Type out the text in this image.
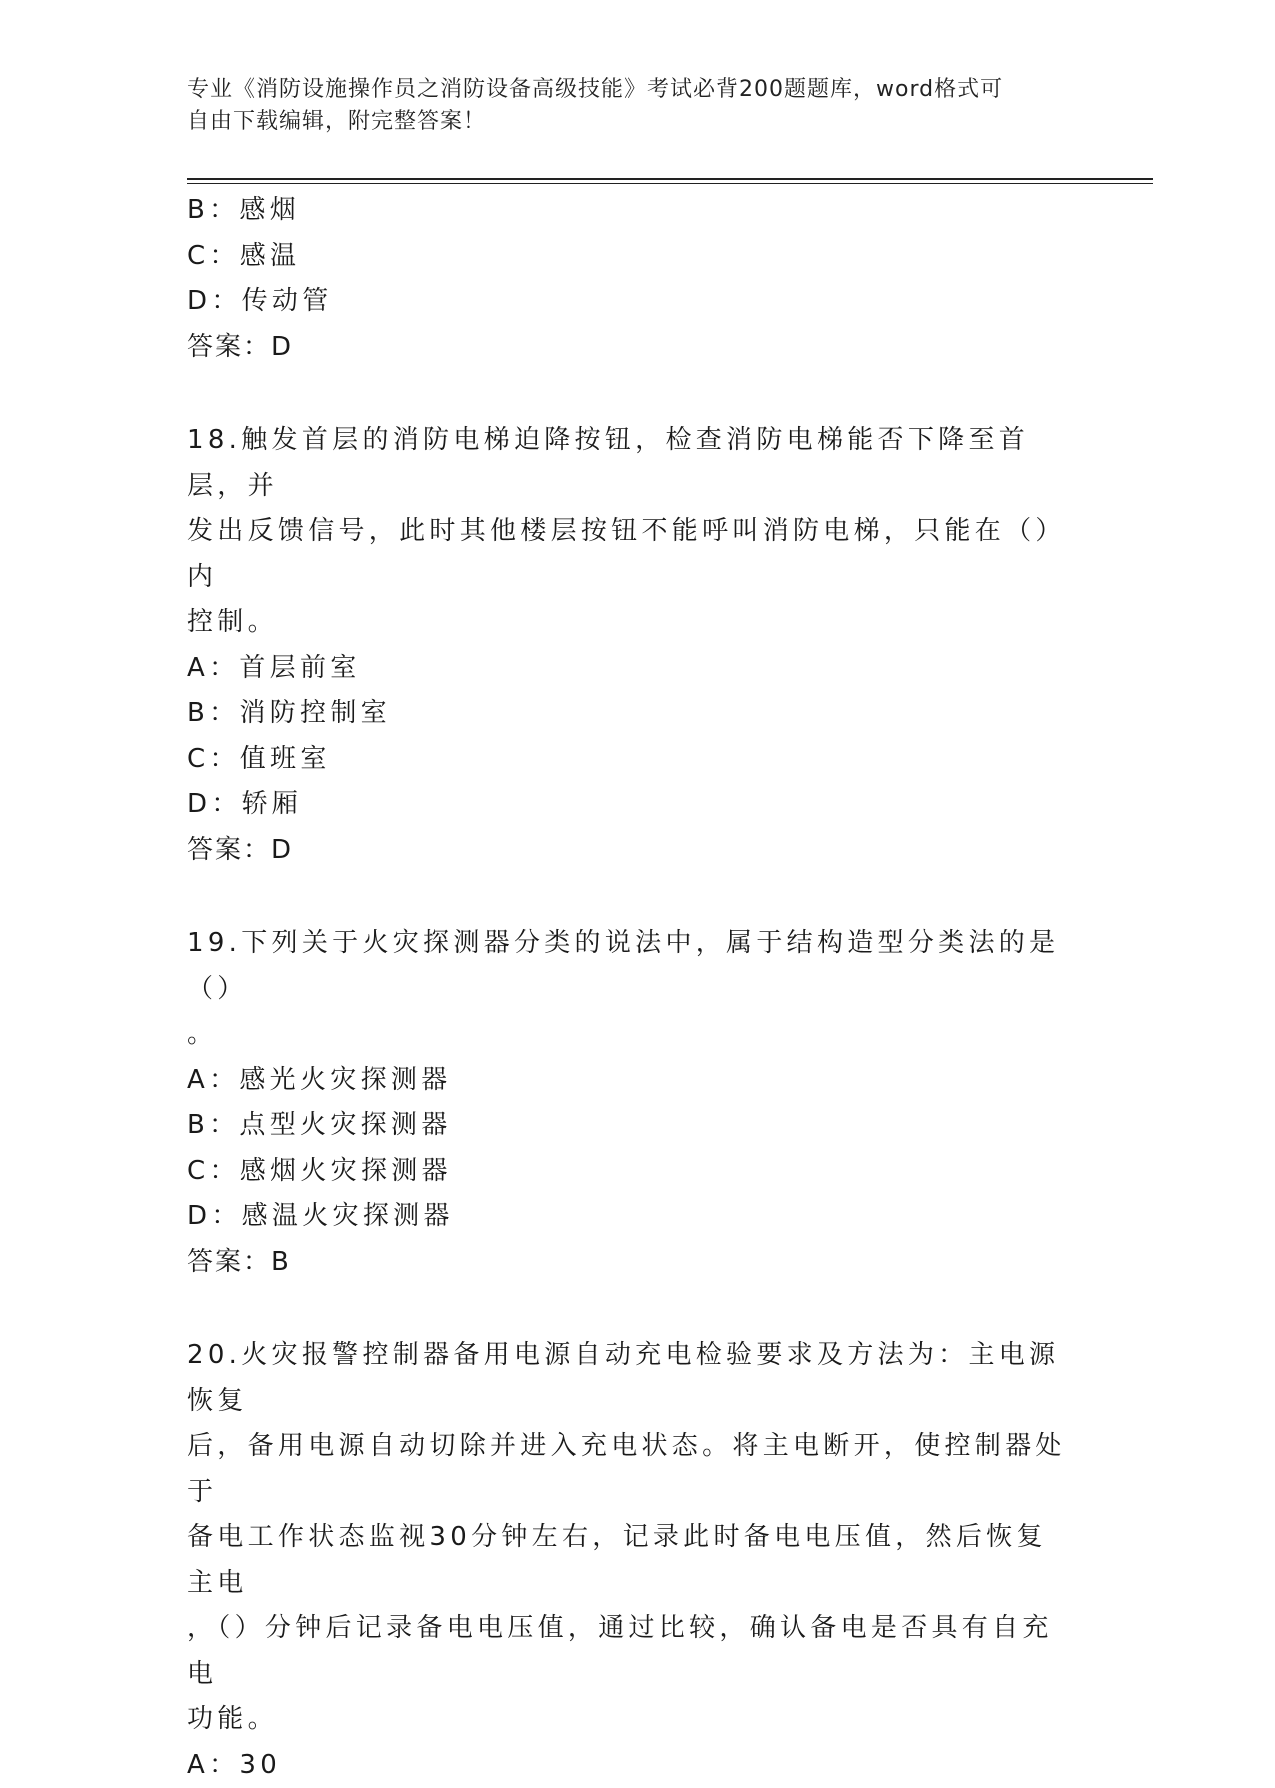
专业《消防设施操作员之消防设备高级技能》考试必背200题题库，word格式可
自由下载编辑，附完整答案！
B：感烟
C：感温
D：传动管
答案：D
18.触发首层的消防电梯迫降按钮，检查消防电梯能否下降至首层，并
发出反馈信号，此时其他楼层按钮不能呼叫消防电梯，只能在（）内
控制。
A：首层前室
B：消防控制室
C：值班室
D：轿厢
答案：D
19.下列关于火灾探测器分类的说法中，属于结构造型分类法的是（）
。
A：感光火灾探测器
B：点型火灾探测器
C：感烟火灾探测器
D：感温火灾探测器
答案：B
20.火灾报警控制器备用电源自动充电检验要求及方法为：主电源恢复
后，备用电源自动切除并进入充电状态。将主电断开，使控制器处于
备电工作状态监视30分钟左右，记录此时备电电压值，然后恢复主电
，（）分钟后记录备电电压值，通过比较，确认备电是否具有自充电
功能。
A：30
